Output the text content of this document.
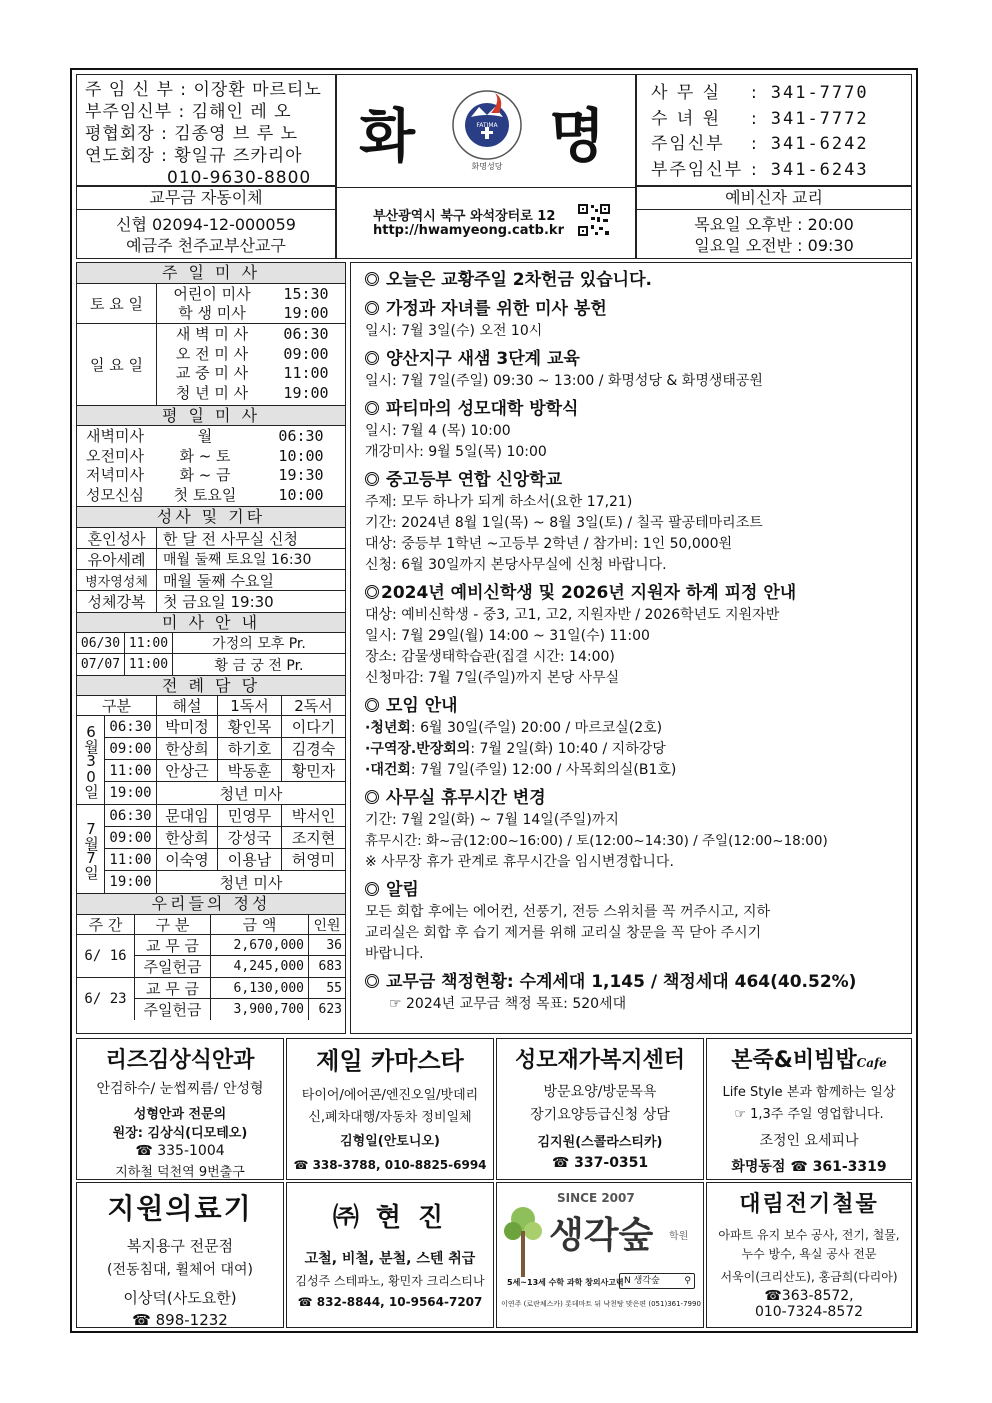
주 임 신 부 : 이장환 마르티노
부주임신부 : 김해인 레 오
평협회장 : 김종영 브 루 노
연도회장 : 황일규 즈카리아
010-9630-8800
교무금 자동이체
신협 02094-12-000059
예금주 천주교부산교구
화 명
FATIMA
화명성당
부산광역시 북구 와석장터로 12
http://hwamyeong.catb.kr
사 무 실	: 341-7770
수 녀 원	: 341-7772
주임신부	: 341-6242
부주임신부 : 341-6243
예비신자 교리
목요일 오후반 : 20:00
일요일 오전반 : 09:30
주 일 미 사
토 요 일
어린이 미사	15:30
학 생 미사	19:00
일 요 일
새 벽 미 사	06:30
오 전 미 사	09:00
교 중 미 사	11:00
청 년 미 사	19:00
평 일 미 사
새벽미사	월	06:30
오전미사	화 ~ 토	10:00
저녁미사	화 ~ 금	19:30
성모신심	첫 토요일	10:00
성사 및 기타
혼인성사	한 달 전 사무실 신청
유아세례	매월 둘째 토요일 16:30
병자영성체	매월 둘째 수요일
성체강복	첫 금요일 19:30
미 사 안 내
06/30 11:00	가정의 모후 Pr.
07/07 11:00	황 금 궁 전 Pr.
전 례 담 당
구분	해설	1독서	2독서
6월30일 06:30 박미정	황인목	이다기
09:00 한상희	하기호	김경숙
11:00 안상근	박동훈	황민자
19:00	청년 미사
7월7일
06:30 문대임	민영무	박서인
09:00 한상희	강성국	조지현
11:00 이숙영	이용남	허영미
19:00	청년 미사
우리들의 정성
주 간	구 분	금 액	인원
6/ 16
교 무 금	2,670,000	36
주일헌금	4,245,000	683
6/ 23
교 무 금	6,130,000	55
주일헌금	3,900,700	623
오늘은 교황주일 2차헌금 있습니다.
가정과 자녀를 위한 미사 봉헌
일시: 7월 3일(수) 오전 10시
양산지구 새샘 3단계 교육
일시: 7월 7일(주일) 09:30 ~ 13:00 / 화명성당 & 화명생태공원
파티마의 성모대학 방학식
일시: 7월 4 (목) 10:00
개강미사: 9월 5일(목) 10:00
중고등부 연합 신앙학교
주제: 모두 하나가 되게 하소서(요한 17,21)
기간: 2024년 8월 1일(목) ~ 8월 3일(토) / 칠곡 팔공테마리조트
대상: 중등부 1학년 ~고등부 2학년 / 참가비: 1인 50,000원
신청: 6월 30일까지 본당사무실에 신청 바랍니다.
2024년 예비신학생 및 2026년 지원자 하계 피정 안내
대상: 예비신학생 - 중3, 고1, 고2, 지원자반 / 2026학년도 지원자반
일시: 7월 29일(월) 14:00 ~ 31일(수) 11:00
장소: 감물생태학습관(집결 시간: 14:00)
신청마감: 7월 7일(주일)까지 본당 사무실
모임 안내
·청년회: 6월 30일(주일) 20:00 / 마르코실(2호)
·구역장.반장회의: 7월 2일(화) 10:40 / 지하강당
·대건회: 7월 7일(주일) 12:00 / 사목회의실(B1호)
사무실 휴무시간 변경
기간: 7월 2일(화) ~ 7월 14일(주일)까지
휴무시간: 화~금(12:00~16:00) / 토(12:00~14:30) / 주일(12:00~18:00)
※ 사무장 휴가 관계로 휴무시간을 임시변경합니다.
알림
모든 회합 후에는 에어컨, 선풍기, 전등 스위치를 꼭 꺼주시고, 지하
교리실은 회합 후 습기 제거를 위해 교리실 창문을 꼭 닫아 주시기
바랍니다.
교무금 책정현황: 수계세대 1,145 / 책정세대 464(40.52%)
☞ 2024년 교무금 책정 목표: 520세대
리즈김상식안과
안검하수/ 눈썹찌름/ 안성형
성형안과 전문의
원장: 김상식(디모테오)
☎ 335-1004
지하철 덕천역 9번출구
제일 카마스타
타이어/에어콘/엔진오일/밧데리
신,폐차대행/자동차 정비일체
김형일(안토니오)
☎ 338-3788, 010-8825-6994
성모재가복지센터
방문요양/방문목욕
장기요양등급신청 상담
김지원(스콜라스티카)
☎ 337-0351
본죽&비빔밥Cafe
Life Style 본과 함께하는 일상
☞ 1,3주 주일 영업합니다.
조정인 요세피나
화명동점 ☎ 361-3319
지원의료기
복지용구 전문점
(전동침대, 휠체어 대여)
이상덕(사도요한)
☎ 898-1232
㈜ 현 진
고철, 비철, 분철, 스텐 취급
김성주 스테파노, 황민자 크리스티나
☎ 832-8844, 10-9564-7207
SINCE 2007
생각숲 학원
5세~13세 수학 과학 창의사고력 N 생각숲	⚲
이연주 (로란체스카) 롯데마트 뒤 낙천탕 맞은편 (051)361-7990
대림전기철물
아파트 유지 보수 공사, 전기, 철물,
누수 방수, 욕실 공사 전문
서욱이(크리산도), 홍금희(다리아)
☎363-8572,
010-7324-8572
